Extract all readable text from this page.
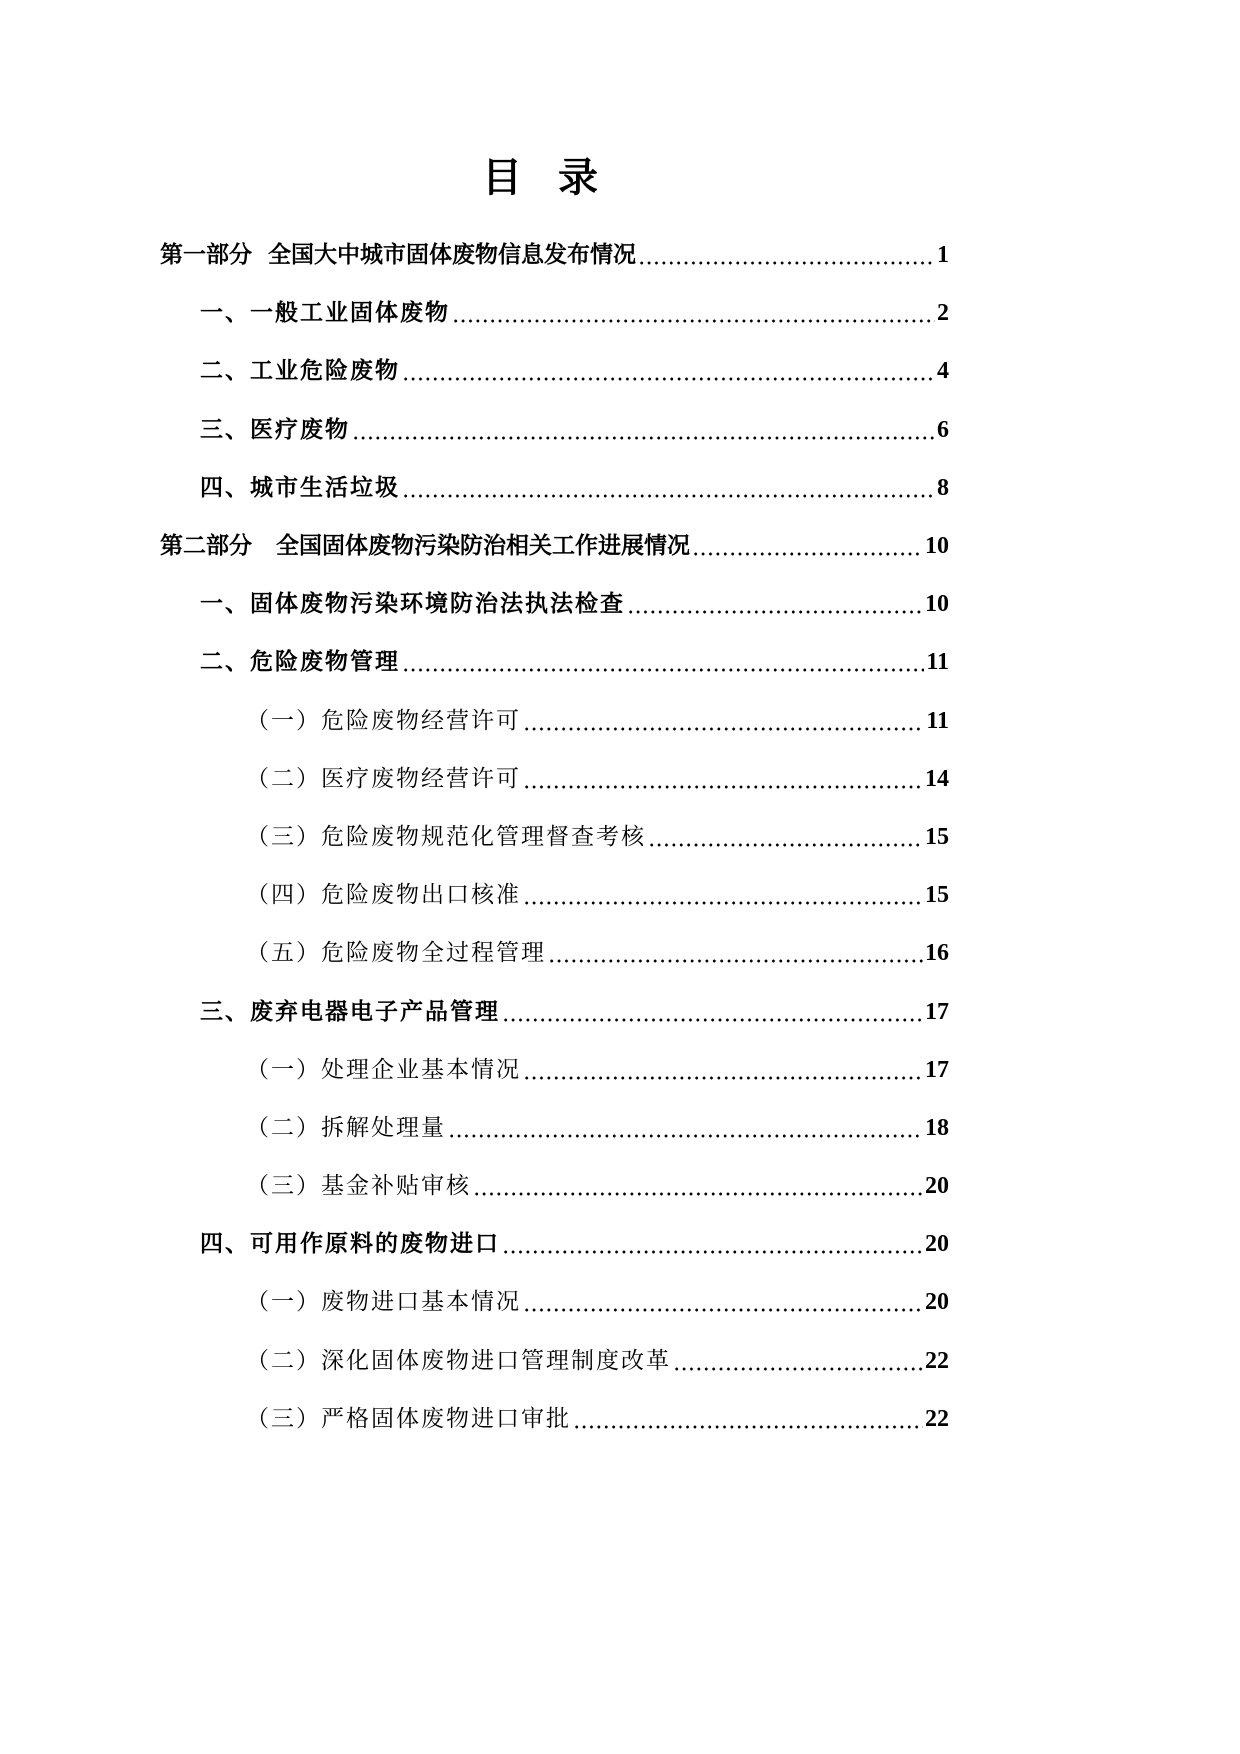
目录
第一部分  全国大中城市固体废物信息发布情况	1
一、一般工业固体废物	2
二、工业危险废物	4
三、医疗废物	6
四、城市生活垃圾	8
第二部分   全国固体废物污染防治相关工作进展情况	10
一、固体废物污染环境防治法执法检查	10
二、危险废物管理	11
（一）危险废物经营许可	11
（二）医疗废物经营许可	14
（三）危险废物规范化管理督查考核	15
（四）危险废物出口核准	15
（五）危险废物全过程管理	16
三、废弃电器电子产品管理	17
（一）处理企业基本情况	17
（二）拆解处理量	18
（三）基金补贴审核	20
四、可用作原料的废物进口	20
（一）废物进口基本情况	20
（二）深化固体废物进口管理制度改革	22
（三）严格固体废物进口审批	22
